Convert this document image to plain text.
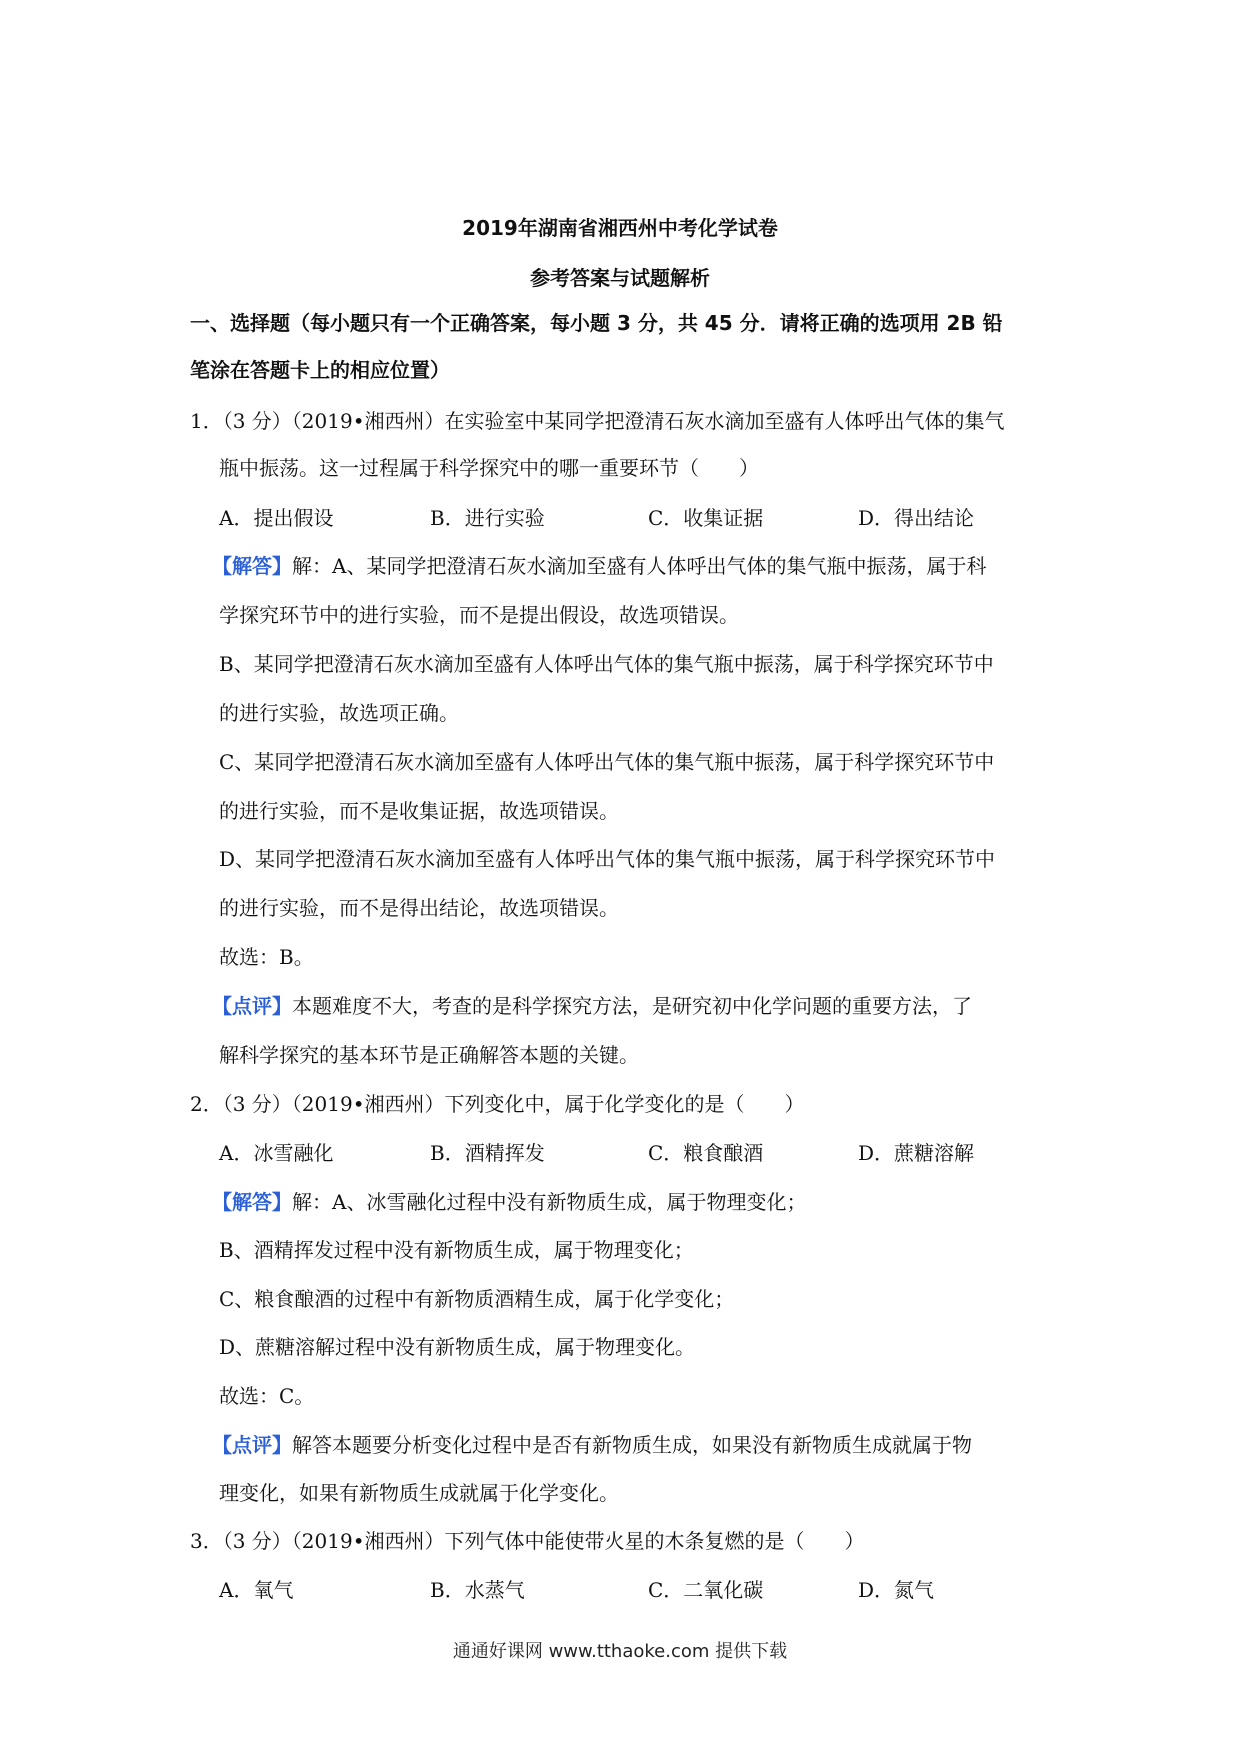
2019年湖南省湘西州中考化学试卷
参考答案与试题解析
一、选择题（每小题只有一个正确答案，每小题 3 分，共 45 分．请将正确的选项用 2B 铅
笔涂在答题卡上的相应位置）
1．（3 分）（2019•湘西州）在实验室中某同学把澄清石灰水滴加至盛有人体呼出气体的集气
瓶中振荡。这一过程属于科学探究中的哪一重要环节（　　）
A．提出假设	B．进行实验	C．收集证据	D．得出结论
【解答】解：A、某同学把澄清石灰水滴加至盛有人体呼出气体的集气瓶中振荡，属于科
学探究环节中的进行实验，而不是提出假设，故选项错误。
B、某同学把澄清石灰水滴加至盛有人体呼出气体的集气瓶中振荡，属于科学探究环节中
的进行实验，故选项正确。
C、某同学把澄清石灰水滴加至盛有人体呼出气体的集气瓶中振荡，属于科学探究环节中
的进行实验，而不是收集证据，故选项错误。
D、某同学把澄清石灰水滴加至盛有人体呼出气体的集气瓶中振荡，属于科学探究环节中
的进行实验，而不是得出结论，故选项错误。
故选：B。
【点评】本题难度不大，考查的是科学探究方法，是研究初中化学问题的重要方法，了
解科学探究的基本环节是正确解答本题的关键。
2．（3 分）（2019•湘西州）下列变化中，属于化学变化的是（　　）
A．冰雪融化	B．酒精挥发	C．粮食酿酒	D．蔗糖溶解
【解答】解：A、冰雪融化过程中没有新物质生成，属于物理变化；
B、酒精挥发过程中没有新物质生成，属于物理变化；
C、粮食酿酒的过程中有新物质酒精生成，属于化学变化；
D、蔗糖溶解过程中没有新物质生成，属于物理变化。
故选：C。
【点评】解答本题要分析变化过程中是否有新物质生成，如果没有新物质生成就属于物
理变化，如果有新物质生成就属于化学变化。
3．（3 分）（2019•湘西州）下列气体中能使带火星的木条复燃的是（　　）
A．氧气	B．水蒸气	C．二氧化碳	D．氮气
通通好课网 www.tthaoke.com 提供下载
